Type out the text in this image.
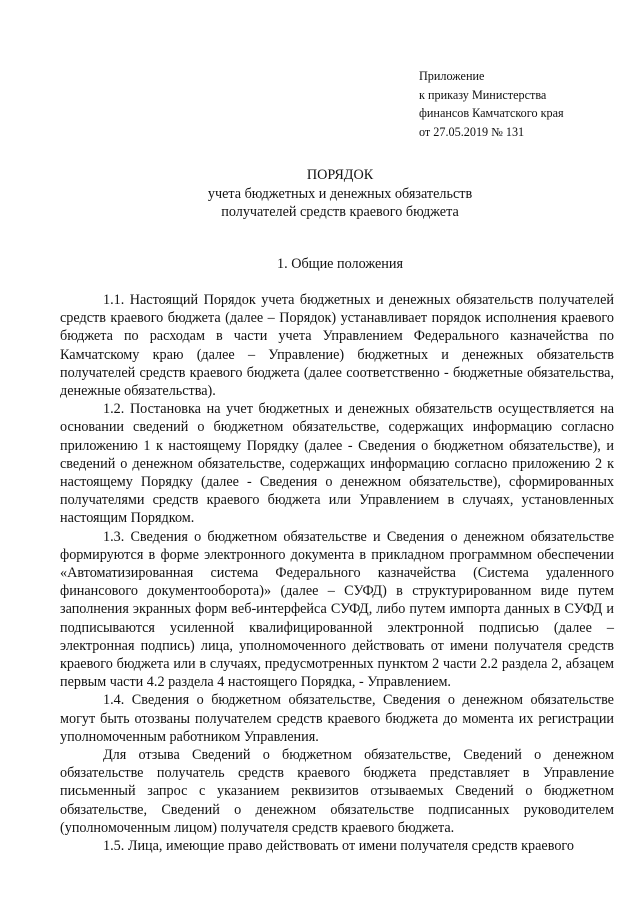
Приложение
к приказу Министерства
финансов Камчатского края
от 27.05.2019 № 131
ПОРЯДОК
учета бюджетных и денежных обязательств
получателей средств краевого бюджета
1. Общие положения

1.1. Настоящий Порядок учета бюджетных и денежных обязательств получателей средств краевого бюджета (далее – Порядок) устанавливает порядок исполнения краевого бюджета по расходам в части учета Управлением Федерального казначейства по Камчатскому краю (далее – Управление) бюджетных и денежных обязательств получателей средств краевого бюджета (далее соответственно - бюджетные обязательства, денежные обязательства).

1.2. Постановка на учет бюджетных и денежных обязательств осуществляется на основании сведений о бюджетном обязательстве, содержащих информацию согласно приложению 1 к настоящему Порядку (далее - Сведения о бюджетном обязательстве), и сведений о денежном обязательстве, содержащих информацию согласно приложению 2 к настоящему Порядку (далее - Сведения о денежном обязательстве), сформированных получателями средств краевого бюджета или Управлением в случаях, установленных настоящим Порядком.

1.3. Сведения о бюджетном обязательстве и Сведения о денежном обязательстве формируются в форме электронного документа в прикладном программном обеспечении «Автоматизированная система Федерального казначейства (Система удаленного финансового документооборота)» (далее – СУФД) в структурированном виде путем заполнения экранных форм веб-интерфейса СУФД, либо путем импорта данных в СУФД и подписываются усиленной квалифицированной электронной подписью (далее – электронная подпись) лица, уполномоченного действовать от имени получателя средств краевого бюджета или в случаях, предусмотренных пунктом 2 части 2.2 раздела 2, абзацем первым части 4.2 раздела 4 настоящего Порядка, - Управлением.

1.4. Сведения о бюджетном обязательстве, Сведения о денежном обязательстве могут быть отозваны получателем средств краевого бюджета до момента их регистрации уполномоченным работником Управления.

Для отзыва Сведений о бюджетном обязательстве, Сведений о денежном обязательстве получатель средств краевого бюджета представляет в Управление письменный запрос с указанием реквизитов отзываемых Сведений о бюджетном обязательстве, Сведений о денежном обязательстве подписанных руководителем (уполномоченным лицом) получателя средств краевого бюджета.

1.5. Лица, имеющие право действовать от имени получателя средств краевого
